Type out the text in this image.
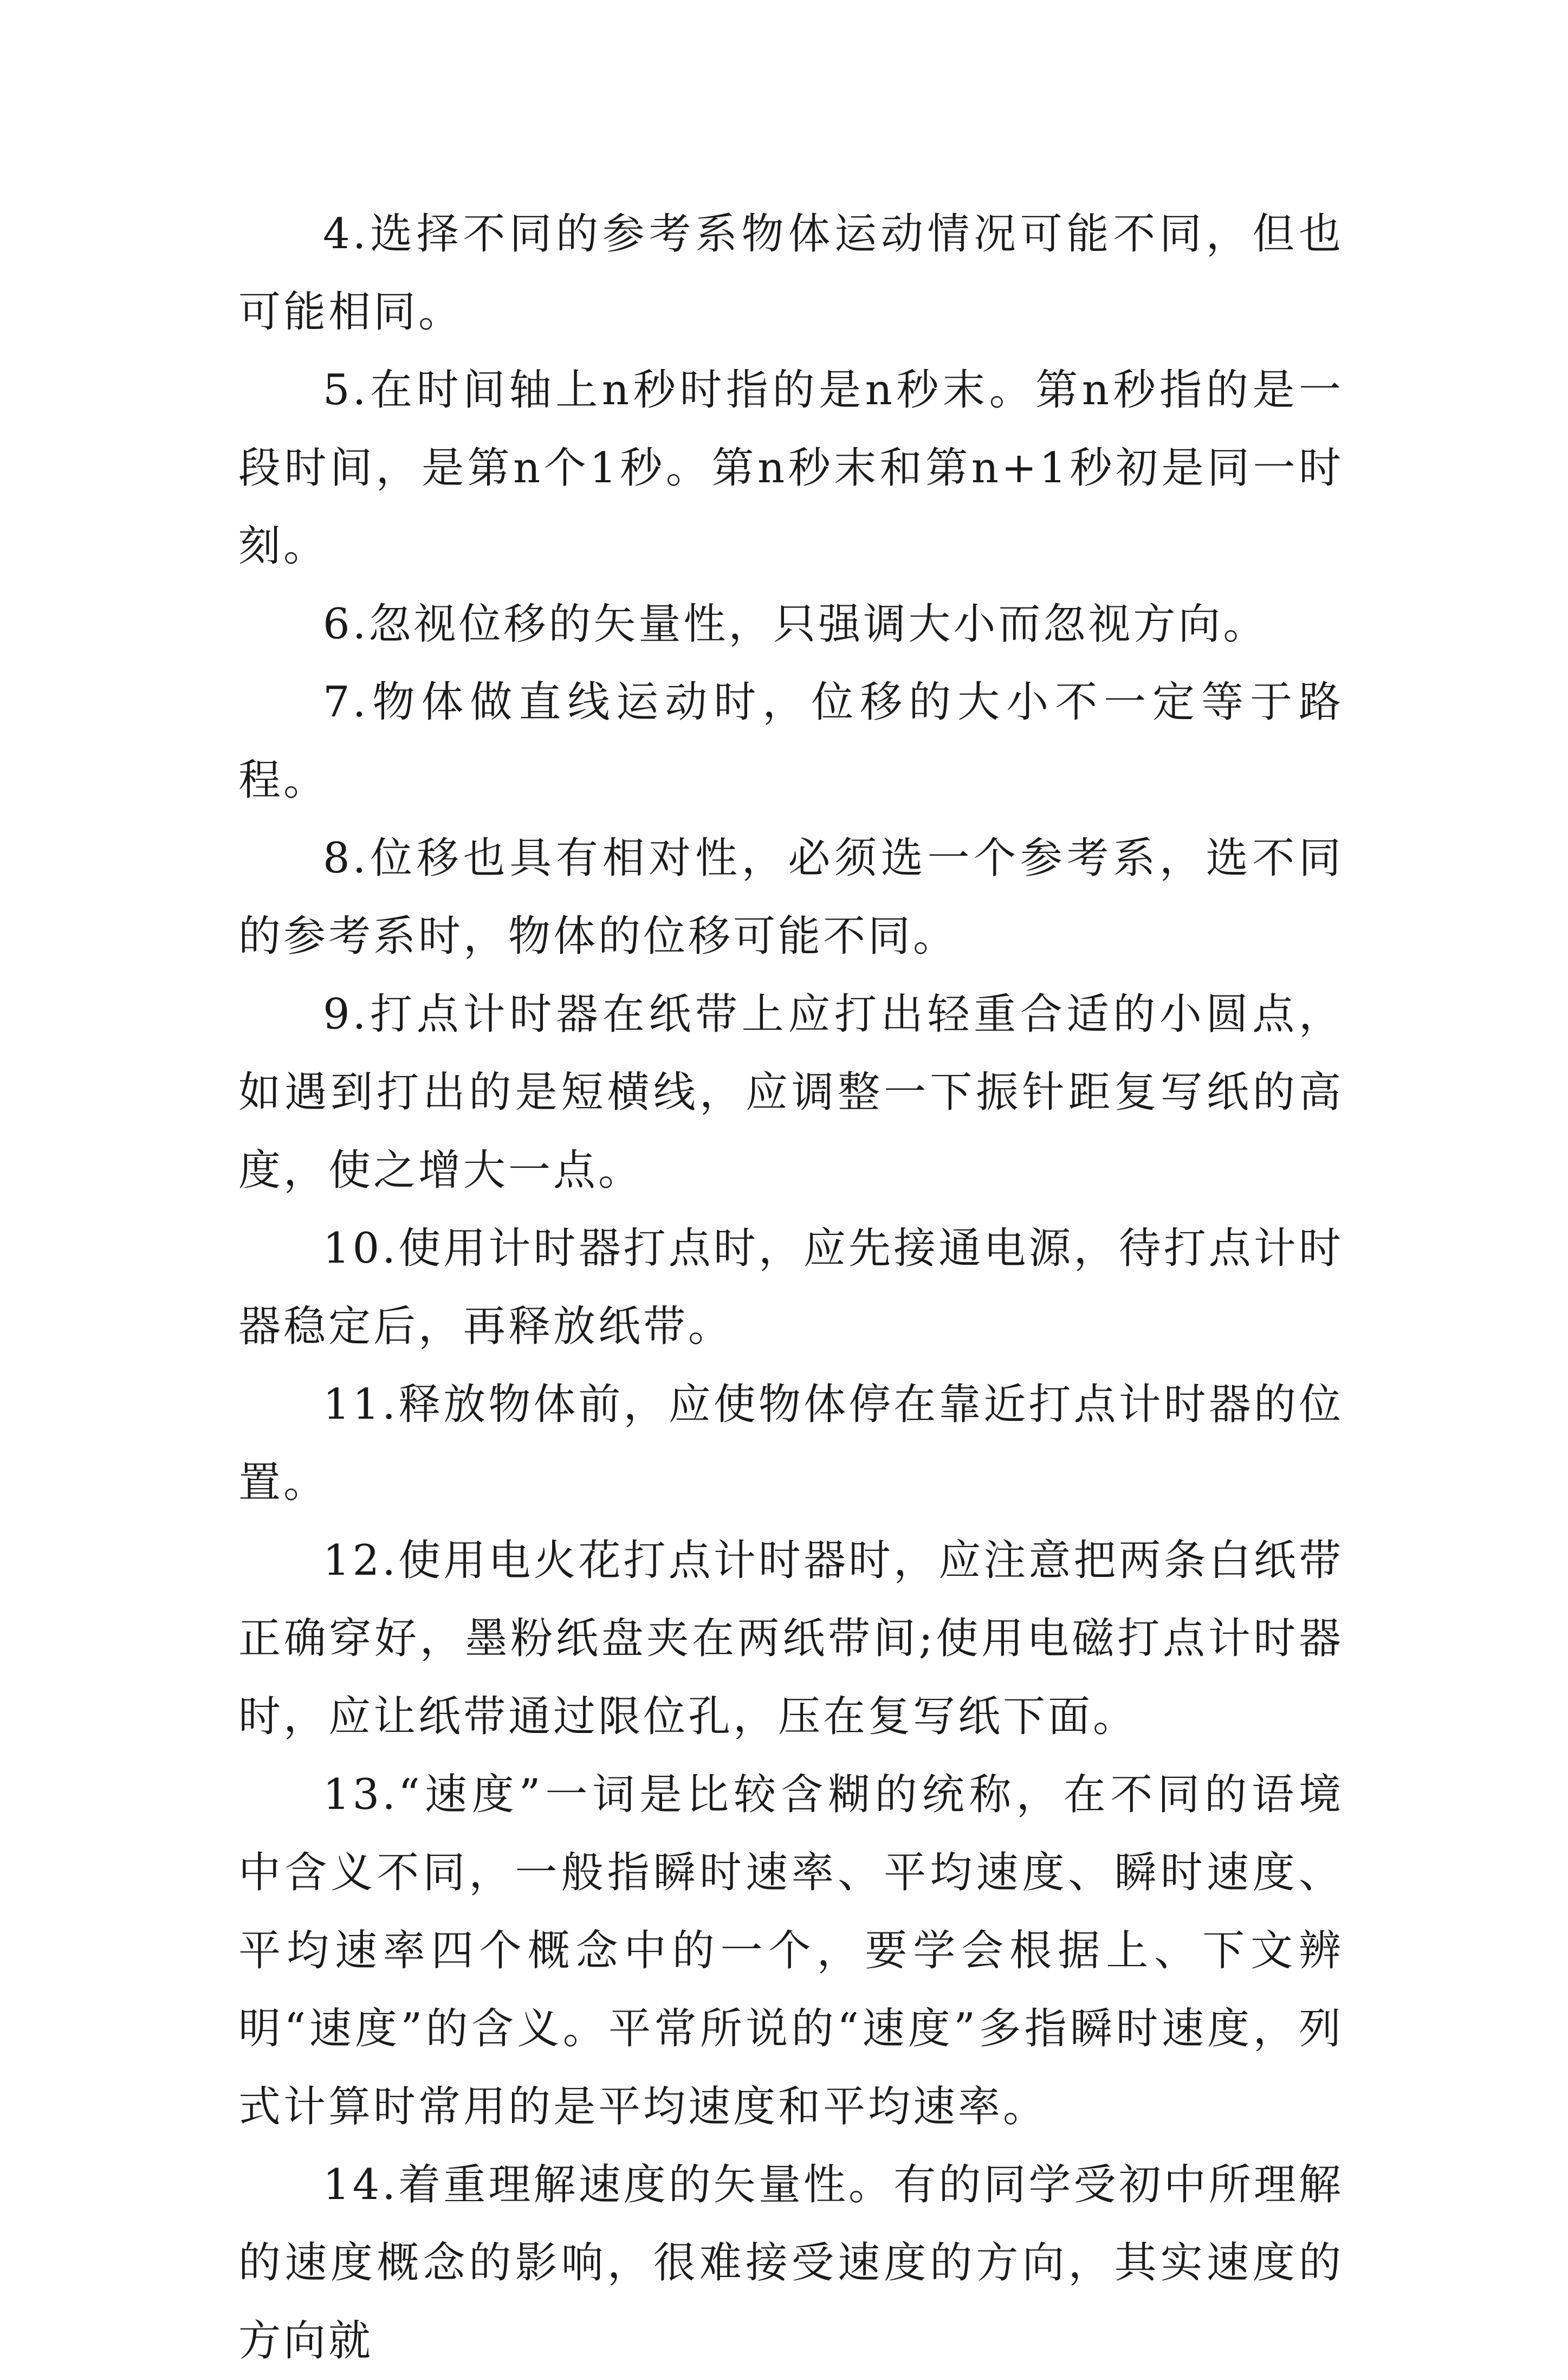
4.选择不同的参考系物体运动情况可能不同，但也可能相同。

5.在时间轴上n秒时指的是n秒末。第n秒指的是一段时间，是第n个1秒。第n秒末和第n+1秒初是同一时刻。

6.忽视位移的矢量性，只强调大小而忽视方向。

7.物体做直线运动时，位移的大小不一定等于路程。

8.位移也具有相对性，必须选一个参考系，选不同的参考系时，物体的位移可能不同。

9.打点计时器在纸带上应打出轻重合适的小圆点，如遇到打出的是短横线，应调整一下振针距复写纸的高度，使之增大一点。

10.使用计时器打点时，应先接通电源，待打点计时器稳定后，再释放纸带。

11.释放物体前，应使物体停在靠近打点计时器的位置。

12.使用电火花打点计时器时，应注意把两条白纸带正确穿好，墨粉纸盘夹在两纸带间;使用电磁打点计时器时，应让纸带通过限位孔，压在复写纸下面。

13.“速度”一词是比较含糊的统称，在不同的语境中含义不同，一般指瞬时速率、平均速度、瞬时速度、平均速率四个概念中的一个，要学会根据上、下文辨明“速度”的含义。平常所说的“速度”多指瞬时速度，列式计算时常用的是平均速度和平均速率。

14.着重理解速度的矢量性。有的同学受初中所理解的速度概念的影响，很难接受速度的方向，其实速度的方向就
